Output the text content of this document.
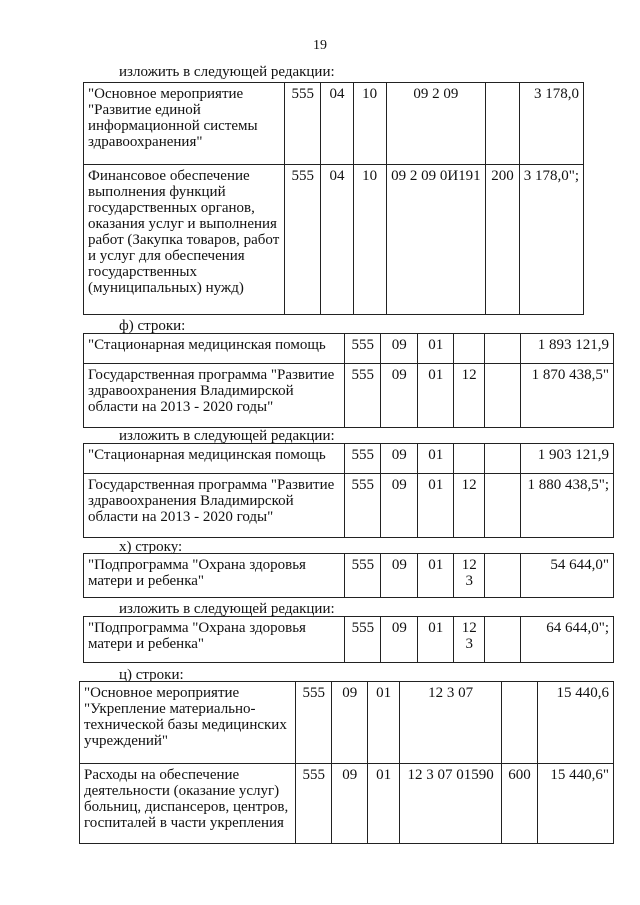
19
изложить в следующей редакции:
"Основное мероприятие "Развитие единой информационной системы здравоохранения"	555	04	10	09 2 09		3 178,0
Финансовое обеспечение выполнения функций государственных органов, оказания услуг и выполнения работ (Закупка товаров, работ и услуг для обеспечения государственных (муниципальных) нужд)	555	04	10	09 2 09 0И191	200	3 178,0";
ф) строки:
"Стационарная медицинская помощь	555	09	01			1 893 121,9
Государственная программа "Развитие здравоохранения Владимирской области на 2013 - 2020 годы"	555	09	01	12		1 870 438,5"
изложить в следующей редакции:
"Стационарная медицинская помощь	555	09	01			1 903 121,9
Государственная программа "Развитие здравоохранения Владимирской области на 2013 - 2020 годы"	555	09	01	12		1 880 438,5";
х) строку:
"Подпрограмма "Охрана здоровья матери и ребенка"	555	09	01	12 3		54 644,0"
изложить в следующей редакции:
"Подпрограмма "Охрана здоровья матери и ребенка"	555	09	01	12 3		64 644,0";
ц) строки:
"Основное мероприятие "Укрепление материально-технической базы медицинских учреждений"	555	09	01	12 3 07		15 440,6
Расходы на обеспечение деятельности (оказание услуг) больниц, диспансеров, центров, госпиталей в части укрепления	555	09	01	12 3 07 01590	600	15 440,6"
